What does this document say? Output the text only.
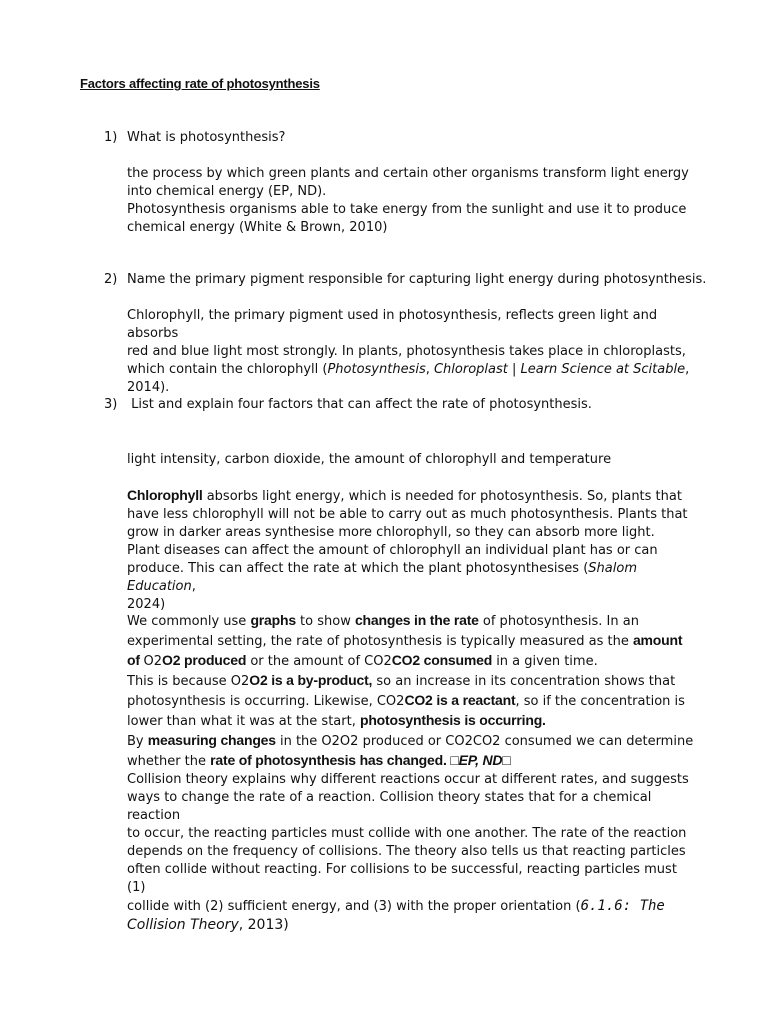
Factors affecting rate of photosynthesis
1) What is photosynthesis?

the process by which green plants and certain other organisms transform light energy

into chemical energy (EP, ND).

Photosynthesis organisms able to take energy from the sunlight and use it to produce

chemical energy (White & Brown, 2010)

2) Name the primary pigment responsible for capturing light energy during photosynthesis.

Chlorophyll, the primary pigment used in photosynthesis, reflects green light and absorbs

red and blue light most strongly. In plants, photosynthesis takes place in chloroplasts,

which contain the chlorophyll (Photosynthesis, Chloroplast | Learn Science at Scitable,

2014).

3) List and explain four factors that can affect the rate of photosynthesis.

light intensity, carbon dioxide, the amount of chlorophyll and temperature

Chlorophyll absorbs light energy, which is needed for photosynthesis. So, plants that

have less chlorophyll will not be able to carry out as much photosynthesis. Plants that

grow in darker areas synthesise more chlorophyll, so they can absorb more light.

Plant diseases can affect the amount of chlorophyll an individual plant has or can

produce. This can affect the rate at which the plant photosynthesises (Shalom Education,

2024)

We commonly use graphs to show changes in the rate of photosynthesis. In an

experimental setting, the rate of photosynthesis is typically measured as the amount

of O2O2 produced or the amount of CO2CO2 consumed in a given time.

This is because O2O2 is a by-product, so an increase in its concentration shows that

photosynthesis is occurring. Likewise, CO2CO2 is a reactant, so if the concentration is

lower than what it was at the start, photosynthesis is occurring.

By measuring changes in the O2O2 produced or CO2CO2 consumed we can determine

whether the rate of photosynthesis has changed. □EP, ND□

Collision theory explains why different reactions occur at different rates, and suggests

ways to change the rate of a reaction. Collision theory states that for a chemical reaction

to occur, the reacting particles must collide with one another. The rate of the reaction

depends on the frequency of collisions. The theory also tells us that reacting particles

often collide without reacting. For collisions to be successful, reacting particles must (1)

collide with (2) sufficient energy, and (3) with the proper orientation (6.1.6: The

Collision Theory, 2013)
